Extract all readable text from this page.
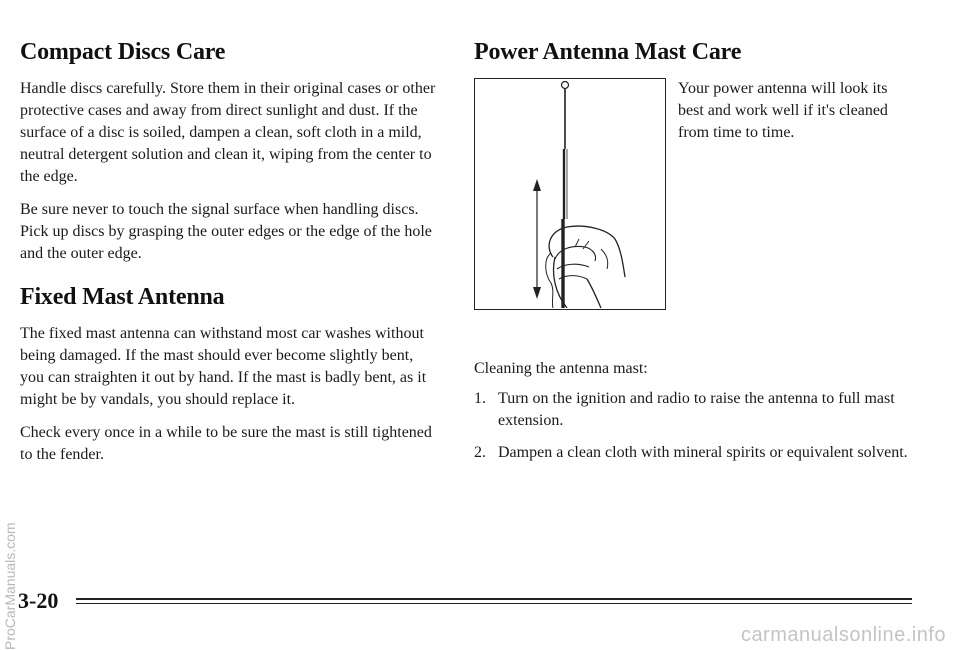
Compact Discs Care

Handle discs carefully. Store them in their original cases or other protective cases and away from direct sunlight and dust. If the surface of a disc is soiled, dampen a clean, soft cloth in a mild, neutral detergent solution and clean it, wiping from the center to the edge.

Be sure never to touch the signal surface when handling discs. Pick up discs by grasping the outer edges or the edge of the hole and the outer edge.

Fixed Mast Antenna

The fixed mast antenna can withstand most car washes without being damaged. If the mast should ever become slightly bent, you can straighten it out by hand. If the mast is badly bent, as it might be by vandals, you should replace it.

Check every once in a while to be sure the mast is still tightened to the fender.

Power Antenna Mast Care
Your power antenna will look its best and work well if it's cleaned from time to time.

Cleaning the antenna mast:

1. Turn on the ignition and radio to raise the antenna to full mast extension.
2. Dampen a clean cloth with mineral spirits or equivalent solvent.
3-20
ProCarManuals.com	carmanualsonline.info
